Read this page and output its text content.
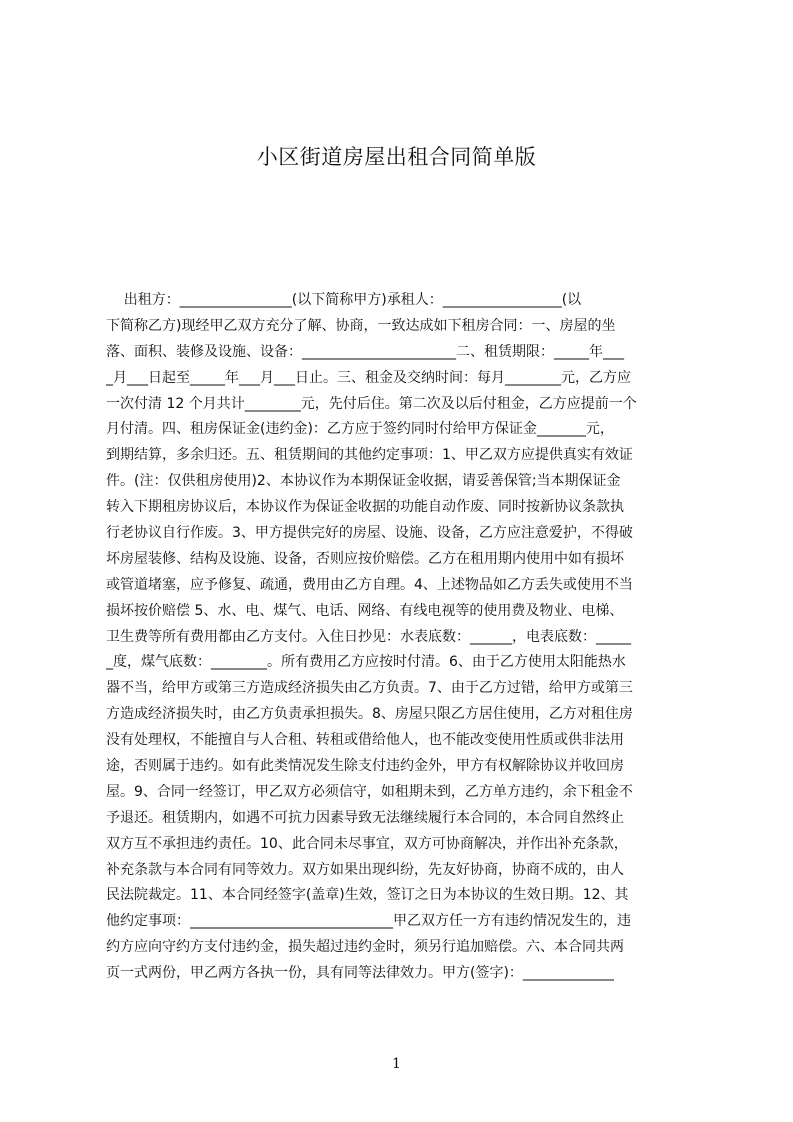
小区街道房屋出租合同简单版
出租方：________________(以下简称甲方)承租人：_________________(以
下简称乙方)现经甲乙双方充分了解、协商，一致达成如下租房合同：一、房屋的坐
落、面积、装修及设施、设备：______________________二、租赁期限：_____年___
_月___日起至_____年___月___日止。三、租金及交纳时间：每月________元，乙方应
一次付清 12 个月共计________元，先付后住。第二次及以后付租金，乙方应提前一个
月付清。四、租房保证金(违约金)：乙方应于签约同时付给甲方保证金_______元，
到期结算，多余归还。五、租赁期间的其他约定事项：1、甲乙双方应提供真实有效证
件。(注：仅供租房使用)2、本协议作为本期保证金收据，请妥善保管;当本期保证金
转入下期租房协议后，本协议作为保证金收据的功能自动作废、同时按新协议条款执
行老协议自行作废。3、甲方提供完好的房屋、设施、设备，乙方应注意爱护，不得破
坏房屋装修、结构及设施、设备，否则应按价赔偿。乙方在租用期内使用中如有损坏
或管道堵塞，应予修复、疏通，费用由乙方自理。4、上述物品如乙方丢失或使用不当
损坏按价赔偿 5、水、电、煤气、电话、网络、有线电视等的使用费及物业、电梯、
卫生费等所有费用都由乙方支付。入住日抄见：水表底数：______，电表底数：_____
_度，煤气底数：________。所有费用乙方应按时付清。6、由于乙方使用太阳能热水
器不当，给甲方或第三方造成经济损失由乙方负责。7、由于乙方过错，给甲方或第三
方造成经济损失时，由乙方负责承担损失。8、房屋只限乙方居住使用，乙方对租住房
没有处理权，不能擅自与人合租、转租或借给他人，也不能改变使用性质或供非法用
途，否则属于违约。如有此类情况发生除支付违约金外，甲方有权解除协议并收回房
屋。9、合同一经签订，甲乙双方必须信守，如租期未到，乙方单方违约，余下租金不
予退还。租赁期内，如遇不可抗力因素导致无法继续履行本合同的，本合同自然终止
双方互不承担违约责任。10、此合同未尽事宜，双方可协商解决，并作出补充条款，
补充条款与本合同有同等效力。双方如果出现纠纷，先友好协商，协商不成的，由人
民法院裁定。11、本合同经签字(盖章)生效，签订之日为本协议的生效日期。12、其
他约定事项：_____________________________甲乙双方任一方有违约情况发生的，违
约方应向守约方支付违约金，损失超过违约金时，须另行追加赔偿。六、本合同共两
页一式两份，甲乙两方各执一份，具有同等法律效力。甲方(签字)：_____________
1
